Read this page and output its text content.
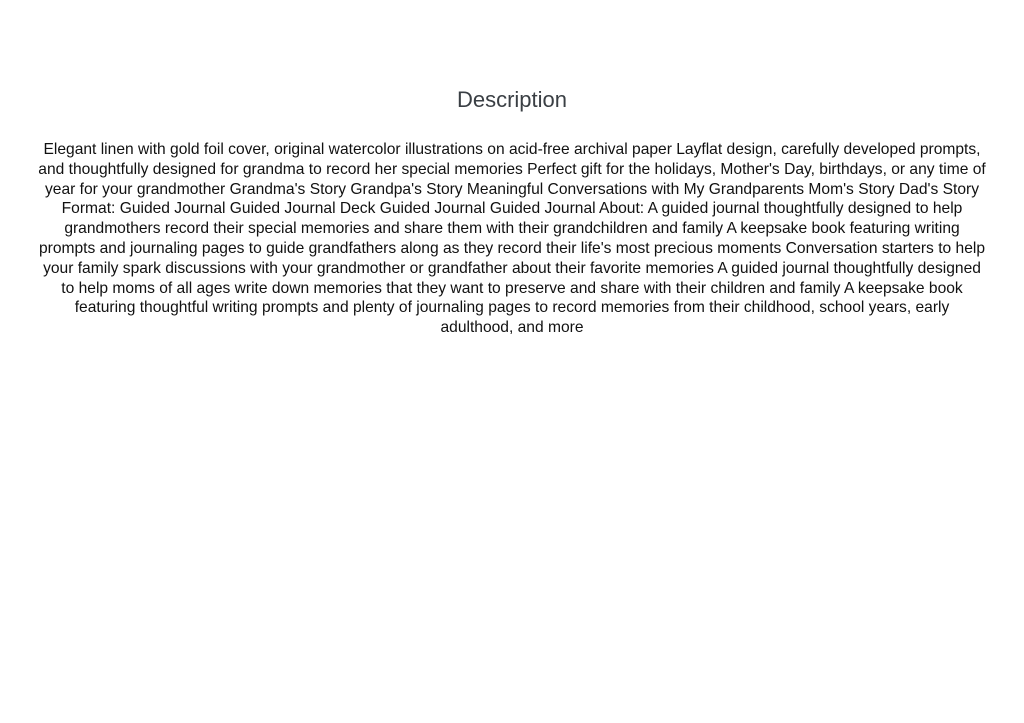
Description

Elegant linen with gold foil cover, original watercolor illustrations on acid-free archival paper Layflat design, carefully developed prompts, and thoughtfully designed for grandma to record her special memories Perfect gift for the holidays, Mother's Day, birthdays, or any time of year for your grandmother Grandma's Story Grandpa's Story Meaningful Conversations with My Grandparents Mom's Story Dad's Story Format: Guided Journal Guided Journal Deck Guided Journal Guided Journal About: A guided journal thoughtfully designed to help grandmothers record their special memories and share them with their grandchildren and family A keepsake book featuring writing prompts and journaling pages to guide grandfathers along as they record their life's most precious moments Conversation starters to help your family spark discussions with your grandmother or grandfather about their favorite memories A guided journal thoughtfully designed to help moms of all ages write down memories that they want to preserve and share with their children and family A keepsake book featuring thoughtful writing prompts and plenty of journaling pages to record memories from their childhood, school years, early adulthood, and more
